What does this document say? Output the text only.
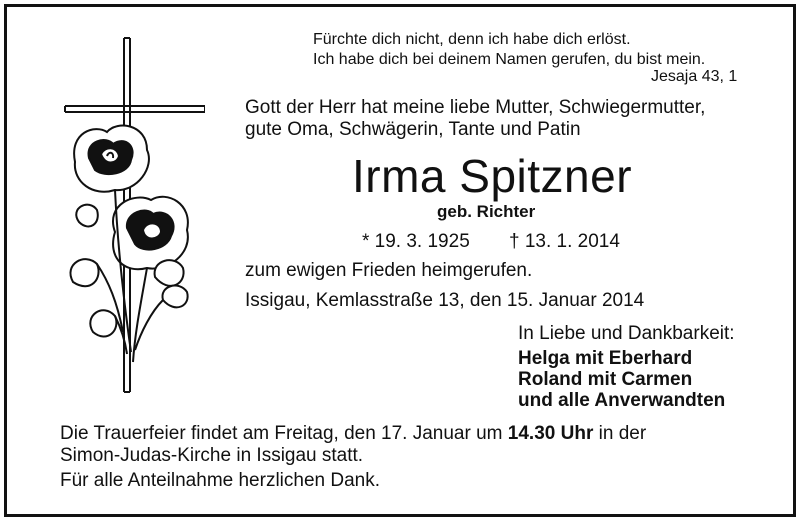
Fürchte dich nicht, denn ich habe dich erlöst.
Ich habe dich bei deinem Namen gerufen, du bist mein.
Jesaja 43, 1
Gott der Herr hat meine liebe Mutter, Schwiegermutter,
gute Oma, Schwägerin, Tante und Patin
Irma Spitzner
geb. Richter
* 19. 3. 1925 † 13. 1. 2014
zum ewigen Frieden heimgerufen.
Issigau, Kemlasstraße 13, den 15. Januar 2014
In Liebe und Dankbarkeit:
Helga mit Eberhard
Roland mit Carmen
und alle Anverwandten
Die Trauerfeier findet am Freitag, den 17. Januar um 14.30 Uhr in der
Simon-Judas-Kirche in Issigau statt.
Für alle Anteilnahme herzlichen Dank.
